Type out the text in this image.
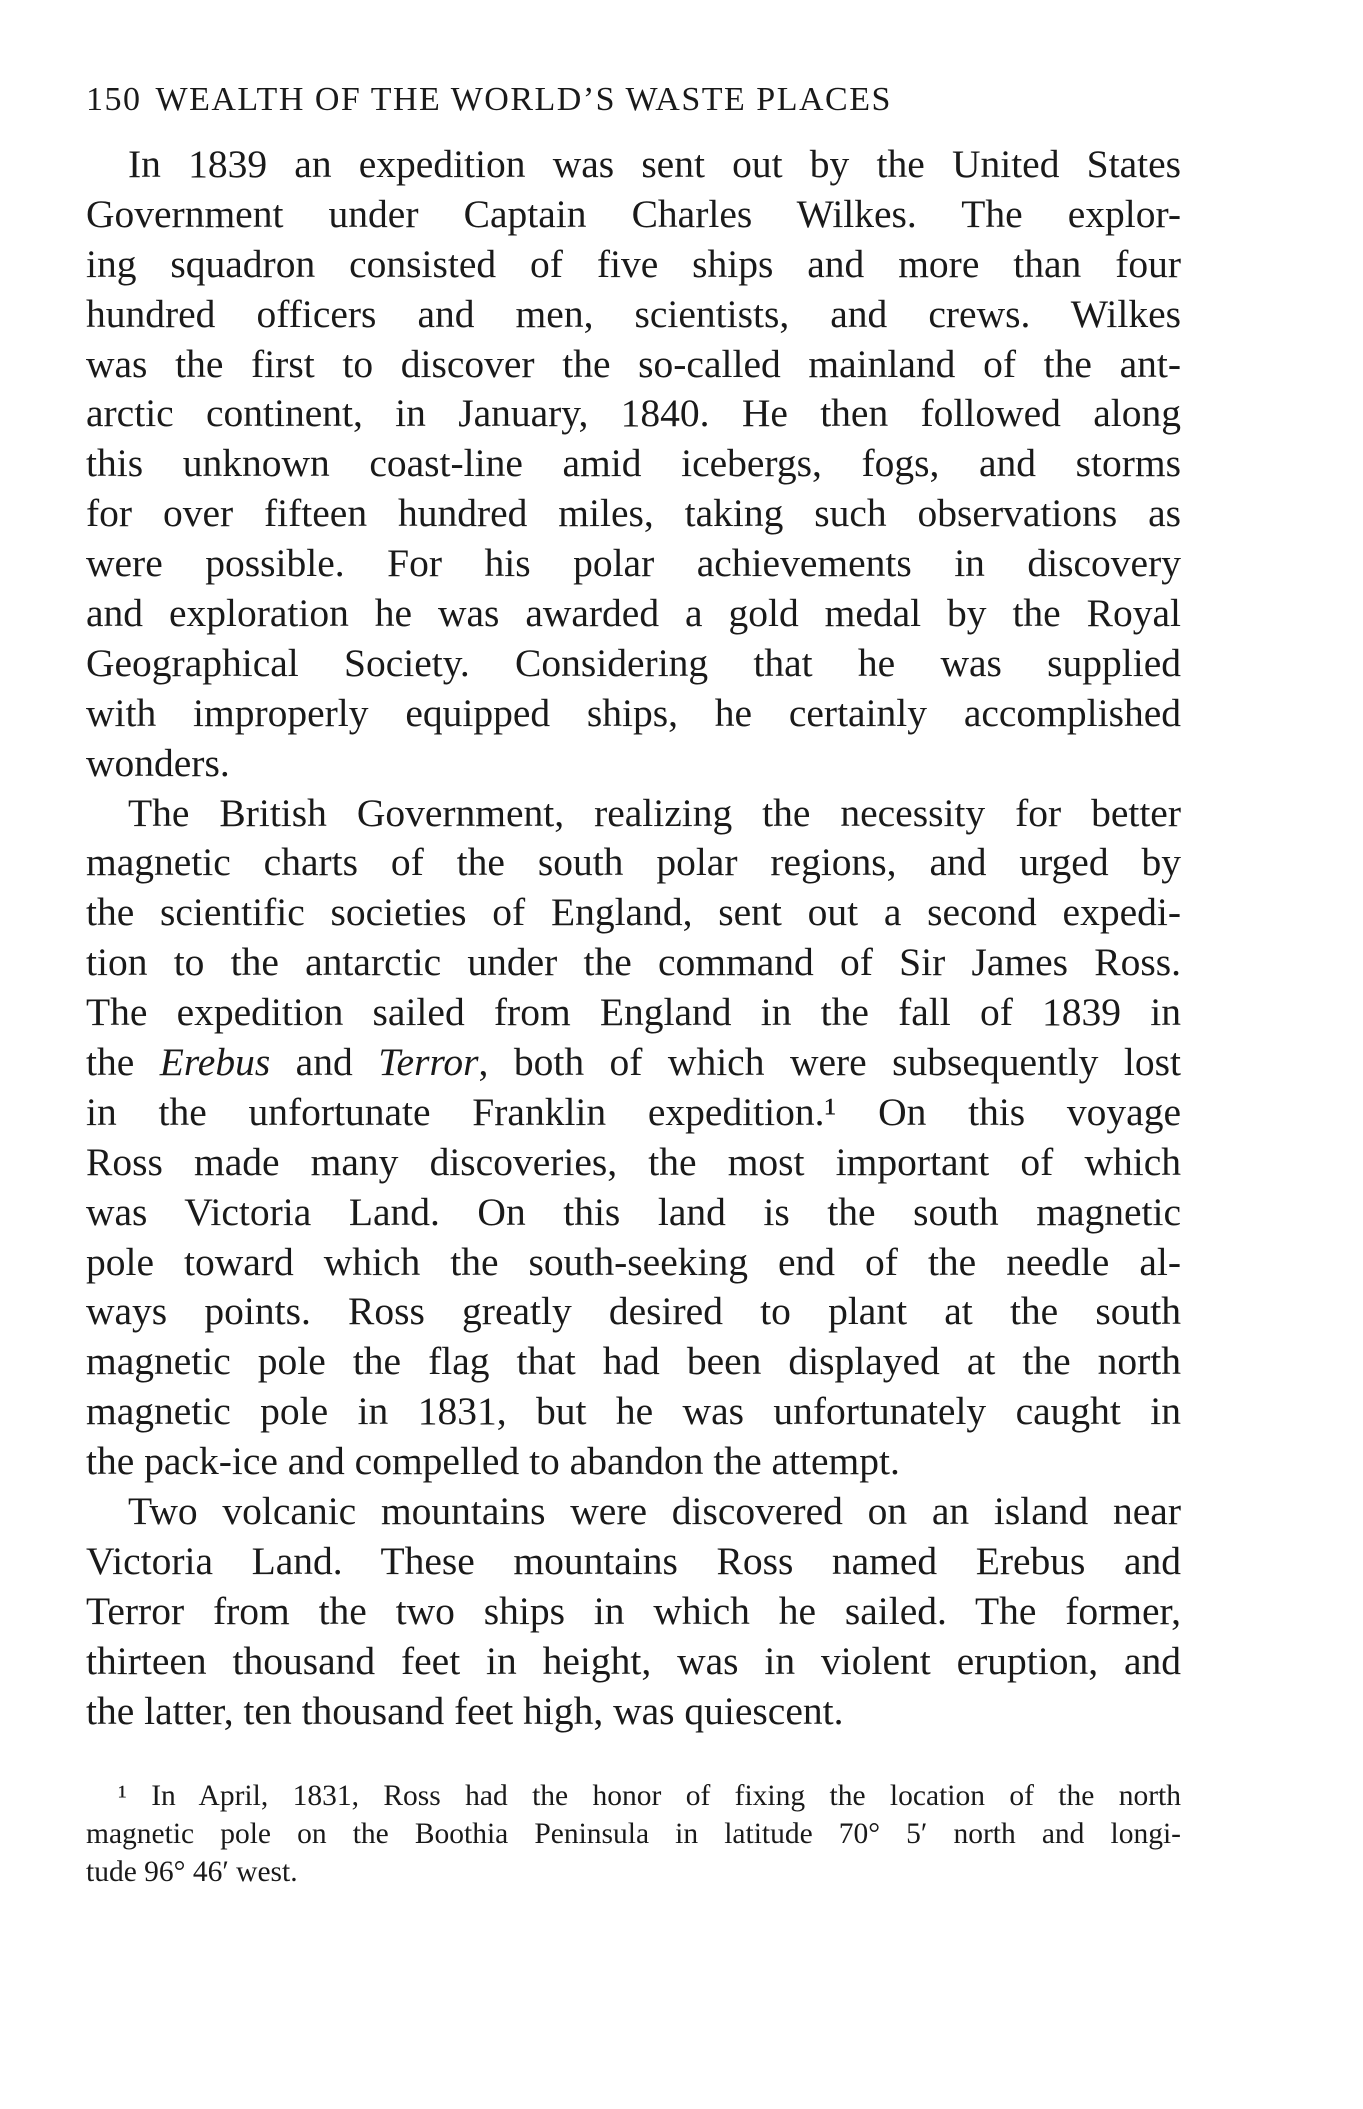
150 WEALTH OF THE WORLD’S WASTE PLACES
In 1839 an expedition was sent out by the United States
Government under Captain Charles Wilkes. The explor-
ing squadron consisted of five ships and more than four
hundred officers and men, scientists, and crews. Wilkes
was the first to discover the so-called mainland of the ant-
arctic continent, in January, 1840. He then followed along
this unknown coast-line amid icebergs, fogs, and storms
for over fifteen hundred miles, taking such observations as
were possible. For his polar achievements in discovery
and exploration he was awarded a gold medal by the Royal
Geographical Society. Considering that he was supplied
with improperly equipped ships, he certainly accomplished
wonders.
The British Government, realizing the necessity for better
magnetic charts of the south polar regions, and urged by
the scientific societies of England, sent out a second expedi-
tion to the antarctic under the command of Sir James Ross.
The expedition sailed from England in the fall of 1839 in
the Erebus and Terror, both of which were subsequently lost
in the unfortunate Franklin expedition.¹ On this voyage
Ross made many discoveries, the most important of which
was Victoria Land. On this land is the south magnetic
pole toward which the south-seeking end of the needle al-
ways points. Ross greatly desired to plant at the south
magnetic pole the flag that had been displayed at the north
magnetic pole in 1831, but he was unfortunately caught in
the pack-ice and compelled to abandon the attempt.
Two volcanic mountains were discovered on an island near
Victoria Land. These mountains Ross named Erebus and
Terror from the two ships in which he sailed. The former,
thirteen thousand feet in height, was in violent eruption, and
the latter, ten thousand feet high, was quiescent.
¹ In April, 1831, Ross had the honor of fixing the location of the north
magnetic pole on the Boothia Peninsula in latitude 70° 5′ north and longi-
tude 96° 46′ west.
